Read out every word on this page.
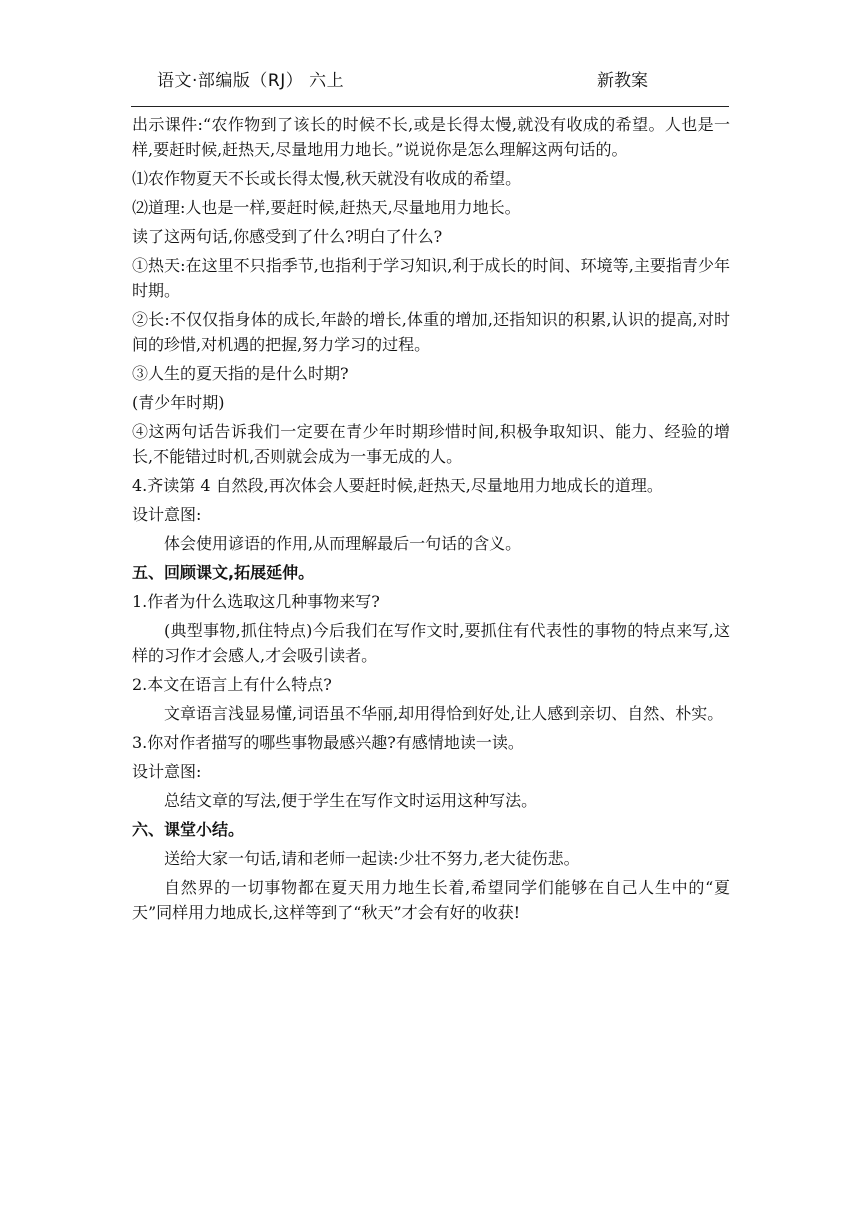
语文·部编版（RJ） 六上	新教案

出示课件:“农作物到了该长的时候不长,或是长得太慢,就没有收成的希望。人也是一样,要赶时候,赶热天,尽量地用力地长。”说说你是怎么理解这两句话的。

⑴农作物夏天不长或长得太慢,秋天就没有收成的希望。

⑵道理:人也是一样,要赶时候,赶热天,尽量地用力地长。

读了这两句话,你感受到了什么?明白了什么?

①热天:在这里不只指季节,也指利于学习知识,利于成长的时间、环境等,主要指青少年时期。

②长:不仅仅指身体的成长,年龄的增长,体重的增加,还指知识的积累,认识的提高,对时间的珍惜,对机遇的把握,努力学习的过程。

③人生的夏天指的是什么时期?

(青少年时期)

④这两句话告诉我们一定要在青少年时期珍惜时间,积极争取知识、能力、经验的增长,不能错过时机,否则就会成为一事无成的人。

4.齐读第 4 自然段,再次体会人要赶时候,赶热天,尽量地用力地成长的道理。

设计意图:

体会使用谚语的作用,从而理解最后一句话的含义。

五、回顾课文,拓展延伸。

1.作者为什么选取这几种事物来写?

(典型事物,抓住特点)今后我们在写作文时,要抓住有代表性的事物的特点来写,这样的习作才会感人,才会吸引读者。

2.本文在语言上有什么特点?

文章语言浅显易懂,词语虽不华丽,却用得恰到好处,让人感到亲切、自然、朴实。

3.你对作者描写的哪些事物最感兴趣?有感情地读一读。

设计意图:

总结文章的写法,便于学生在写作文时运用这种写法。

六、课堂小结。

送给大家一句话,请和老师一起读:少壮不努力,老大徒伤悲。

自然界的一切事物都在夏天用力地生长着,希望同学们能够在自己人生中的“夏天”同样用力地成长,这样等到了“秋天”才会有好的收获!
